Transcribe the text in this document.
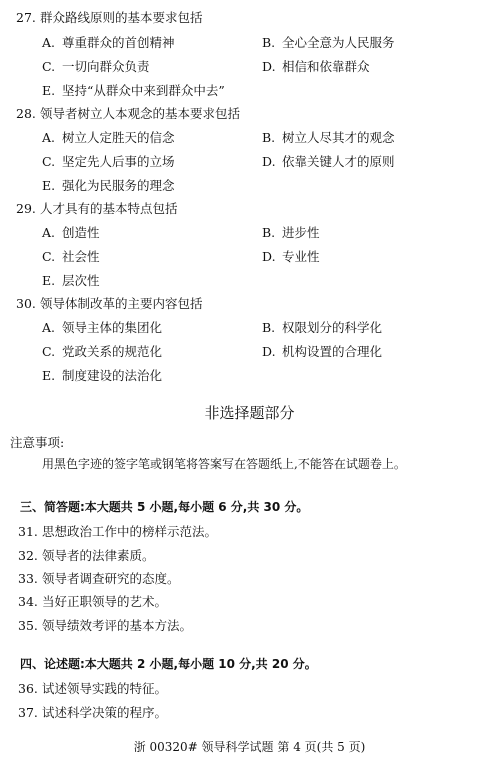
27. 群众路线原则的基本要求包括
A. 尊重群众的首创精神	B. 全心全意为人民服务
C. 一切向群众负责	D. 相信和依靠群众
E. 坚持“从群众中来到群众中去”
28. 领导者树立人本观念的基本要求包括
A. 树立人定胜天的信念	B. 树立人尽其才的观念
C. 坚定先人后事的立场	D. 依靠关键人才的原则
E. 强化为民服务的理念
29. 人才具有的基本特点包括
A. 创造性	B. 进步性
C. 社会性	D. 专业性
E. 层次性
30. 领导体制改革的主要内容包括
A. 领导主体的集团化	B. 权限划分的科学化
C. 党政关系的规范化	D. 机构设置的合理化
E. 制度建设的法治化
非选择题部分
注意事项:
用黑色字迹的签字笔或钢笔将答案写在答题纸上,不能答在试题卷上。
三、简答题:本大题共 5 小题,每小题 6 分,共 30 分。
31. 思想政治工作中的榜样示范法。
32. 领导者的法律素质。
33. 领导者调查研究的态度。
34. 当好正职领导的艺术。
35. 领导绩效考评的基本方法。
四、论述题:本大题共 2 小题,每小题 10 分,共 20 分。
36. 试述领导实践的特征。
37. 试述科学决策的程序。
浙 00320# 领导科学试题 第 4 页(共 5 页)
